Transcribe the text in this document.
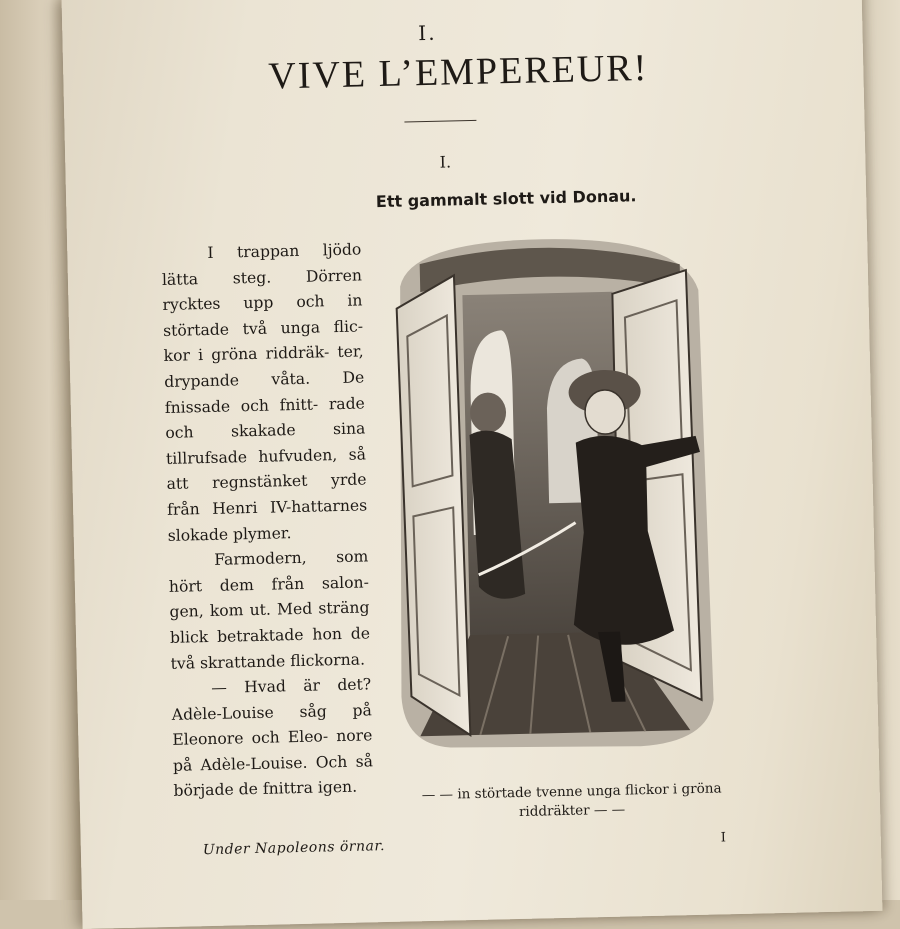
I.
VIVE L’EMPEREUR!
I.
Ett gammalt slott vid Donau.

I trappan ljödo lätta steg. Dörren rycktes upp och in störtade två unga flic- kor i gröna riddräk- ter, drypande våta. De fnissade och fnitt- rade och skakade sina tillrufsade hufvuden, så att regnstänket yrde från Henri IV-hattarnes slokade plymer.

Farmodern, som hört dem från salon- gen, kom ut. Med sträng blick betraktade hon de två skrattande flickorna.

— Hvad är det? Adèle-Louise såg på Eleonore och Eleo- nore på Adèle-Louise. Och så började de fnittra igen.	— — in störtade tvenne unga flickor i gröna
riddräkter — —
Under Napoleons örnar.
I
